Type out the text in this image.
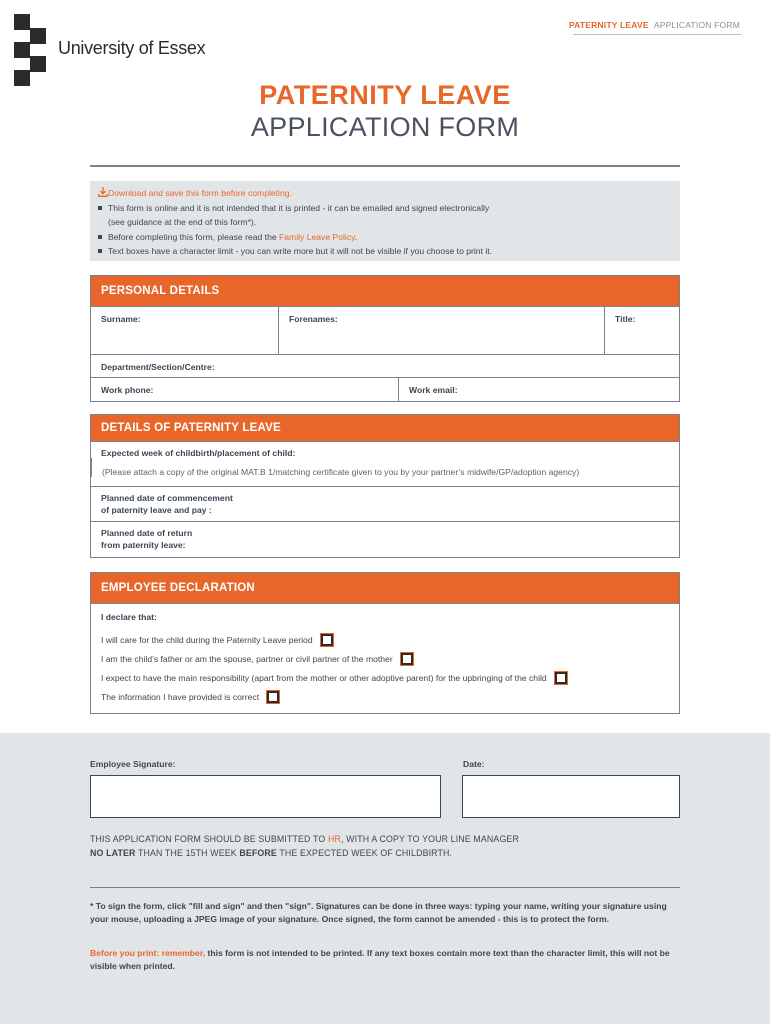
University of Essex
PATERNITY LEAVE APPLICATION FORM
PATERNITY LEAVE
APPLICATION FORM
Download and save this form before completing.
This form is online and it is not intended that it is printed - it can be emailed and signed electronically
(see guidance at the end of this form*).
Before completing this form, please read the Family Leave Policy.
Text boxes have a character limit - you can write more but it will not be visible if you choose to print it.
PERSONAL DETAILS
Surname:	Forenames:	Title:
Department/Section/Centre:
Work phone:	Work email:
DETAILS OF PATERNITY LEAVE
Expected week of childbirth/placement of child:
(Please attach a copy of the original MAT.B 1/matching certificate given to you by your partner’s midwife/GP/adoption agency)
Planned date of commencement
of paternity leave and pay :
Planned date of return
from paternity leave:
EMPLOYEE DECLARATION
I declare that:
I will care for the child during the Paternity Leave period
I am the child’s father or am the spouse, partner or civil partner of the mother
I expect to have the main responsibility (apart from the mother or other adoptive parent) for the upbringing of the child
The information I have provided is correct
Employee Signature:	Date:
THIS APPLICATION FORM SHOULD BE SUBMITTED TO HR, WITH A COPY TO YOUR LINE MANAGER
NO LATER THAN THE 15TH WEEK BEFORE THE EXPECTED WEEK OF CHILDBIRTH.
* To sign the form, click "fill and sign" and then "sign". Signatures can be done in three ways: typing your name, writing your signature using your mouse, uploading a JPEG image of your signature. Once signed, the form cannot be amended - this is to protect the form.
Before you print: remember, this form is not intended to be printed. If any text boxes contain more text than the character limit, this will not be visible when printed.
